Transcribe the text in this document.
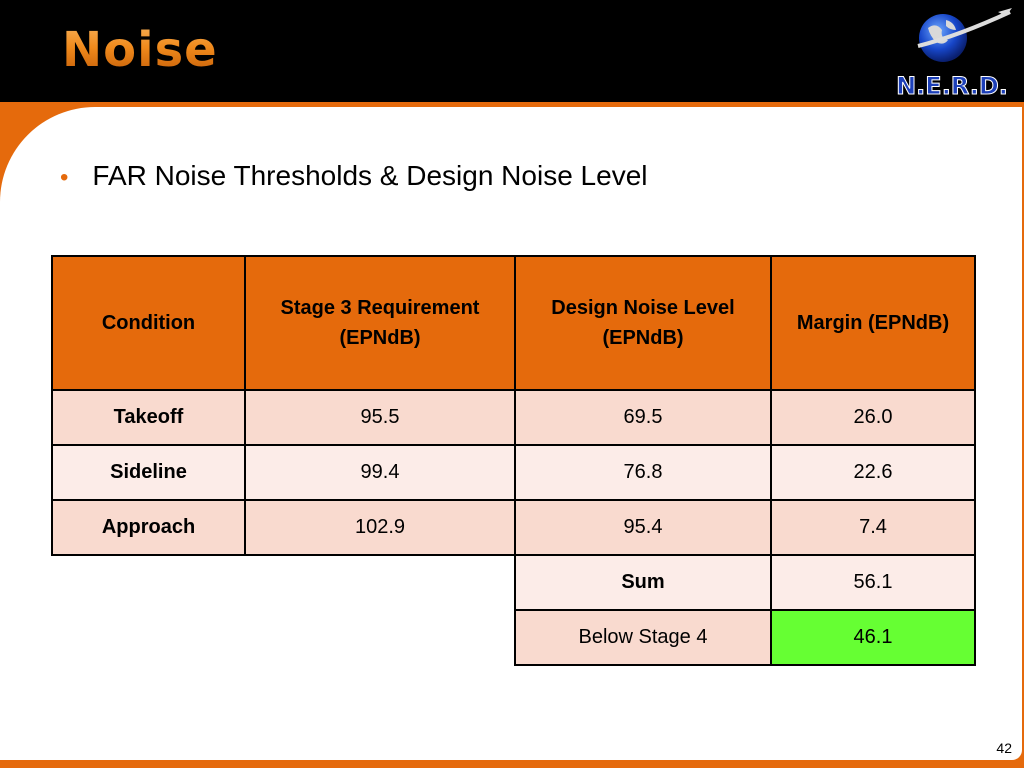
Noise
N.E.R.D.
• FAR Noise Thresholds & Design Noise Level
Condition	Stage 3 Requirement (EPNdB)	Design Noise Level (EPNdB)	Margin (EPNdB)
Takeoff	95.5	69.5	26.0
Sideline	99.4	76.8	22.6
Approach	102.9	95.4	7.4
		Sum	56.1
		Below Stage 4	46.1
42
